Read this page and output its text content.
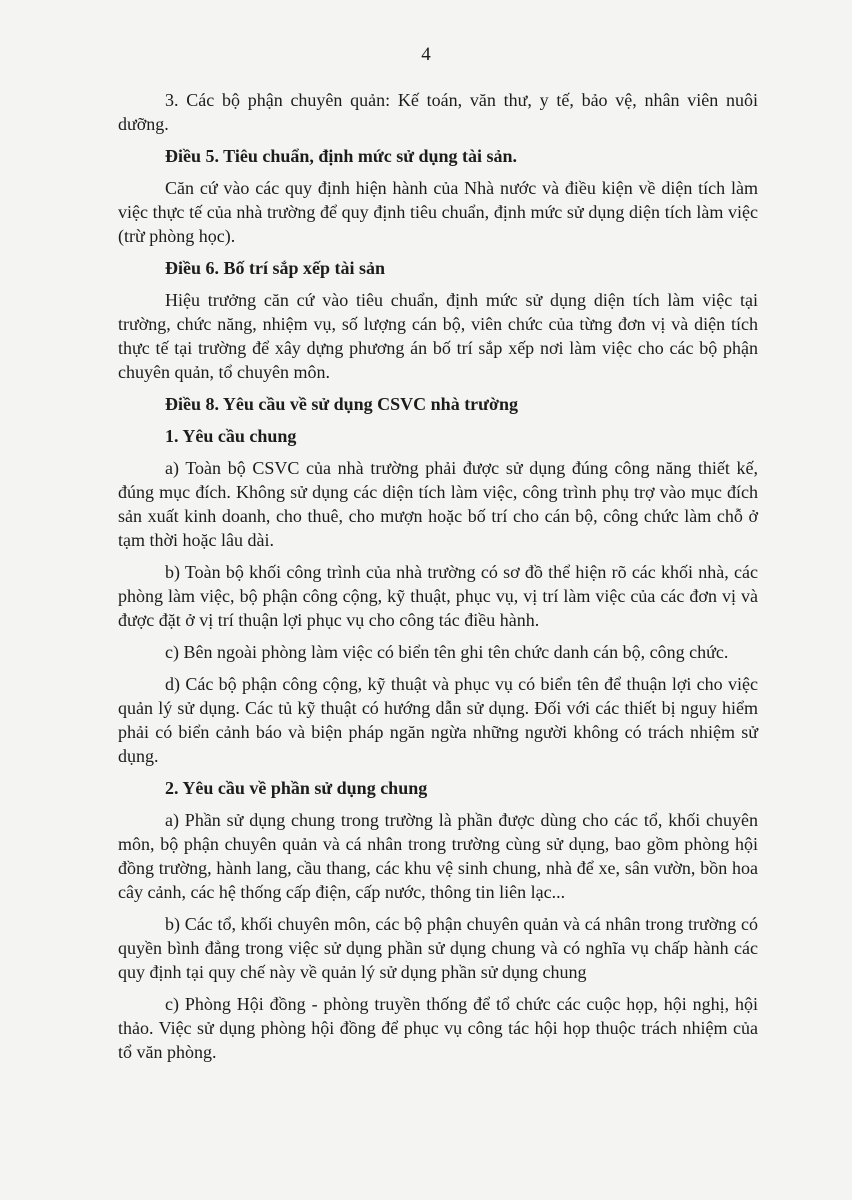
4

3. Các bộ phận chuyên quản: Kế toán, văn thư, y tế, bảo vệ, nhân viên nuôi dưỡng.

Điều 5. Tiêu chuẩn, định mức sử dụng tài sản.

Căn cứ vào các quy định hiện hành của Nhà nước và điều kiện về diện tích làm việc thực tế của nhà trường để quy định tiêu chuẩn, định mức sử dụng diện tích làm việc (trừ phòng học).

Điều 6. Bố trí sắp xếp tài sản

Hiệu trưởng căn cứ vào tiêu chuẩn, định mức sử dụng diện tích làm việc tại trường, chức năng, nhiệm vụ, số lượng cán bộ, viên chức của từng đơn vị và diện tích thực tế tại trường để xây dựng phương án bố trí sắp xếp nơi làm việc cho các bộ phận chuyên quản, tổ chuyên môn.

Điều 8. Yêu cầu về sử dụng CSVC nhà trường

1. Yêu cầu chung

a) Toàn bộ CSVC của nhà trường phải được sử dụng đúng công năng thiết kế, đúng mục đích. Không sử dụng các diện tích làm việc, công trình phụ trợ vào mục đích sản xuất kinh doanh, cho thuê, cho mượn hoặc bố trí cho cán bộ, công chức làm chỗ ở tạm thời hoặc lâu dài.

b) Toàn bộ khối công trình của nhà trường có sơ đồ thể hiện rõ các khối nhà, các phòng làm việc, bộ phận công cộng, kỹ thuật, phục vụ, vị trí làm việc của các đơn vị và được đặt ở vị trí thuận lợi phục vụ cho công tác điều hành.

c) Bên ngoài phòng làm việc có biển tên ghi tên chức danh cán bộ, công chức.

d) Các bộ phận công cộng, kỹ thuật và phục vụ có biển tên để thuận lợi cho việc quản lý sử dụng. Các tủ kỹ thuật có hướng dẫn sử dụng. Đối với các thiết bị nguy hiểm phải có biển cảnh báo và biện pháp ngăn ngừa những người không có trách nhiệm sử dụng.

2. Yêu cầu về phần sử dụng chung

a) Phần sử dụng chung trong trường là phần được dùng cho các tổ, khối chuyên môn, bộ phận chuyên quản và cá nhân trong trường cùng sử dụng, bao gồm phòng hội đồng trường, hành lang, cầu thang, các khu vệ sinh chung, nhà để xe, sân vườn, bồn hoa cây cảnh, các hệ thống cấp điện, cấp nước, thông tin liên lạc...

b) Các tổ, khối chuyên môn, các bộ phận chuyên quản và cá nhân trong trường có quyền bình đẳng trong việc sử dụng phần sử dụng chung và có nghĩa vụ chấp hành các quy định tại quy chế này về quản lý sử dụng phần sử dụng chung

c) Phòng Hội đồng - phòng truyền thống để tổ chức các cuộc họp, hội nghị, hội thảo. Việc sử dụng phòng hội đồng để phục vụ công tác hội họp thuộc trách nhiệm của tổ văn phòng.
